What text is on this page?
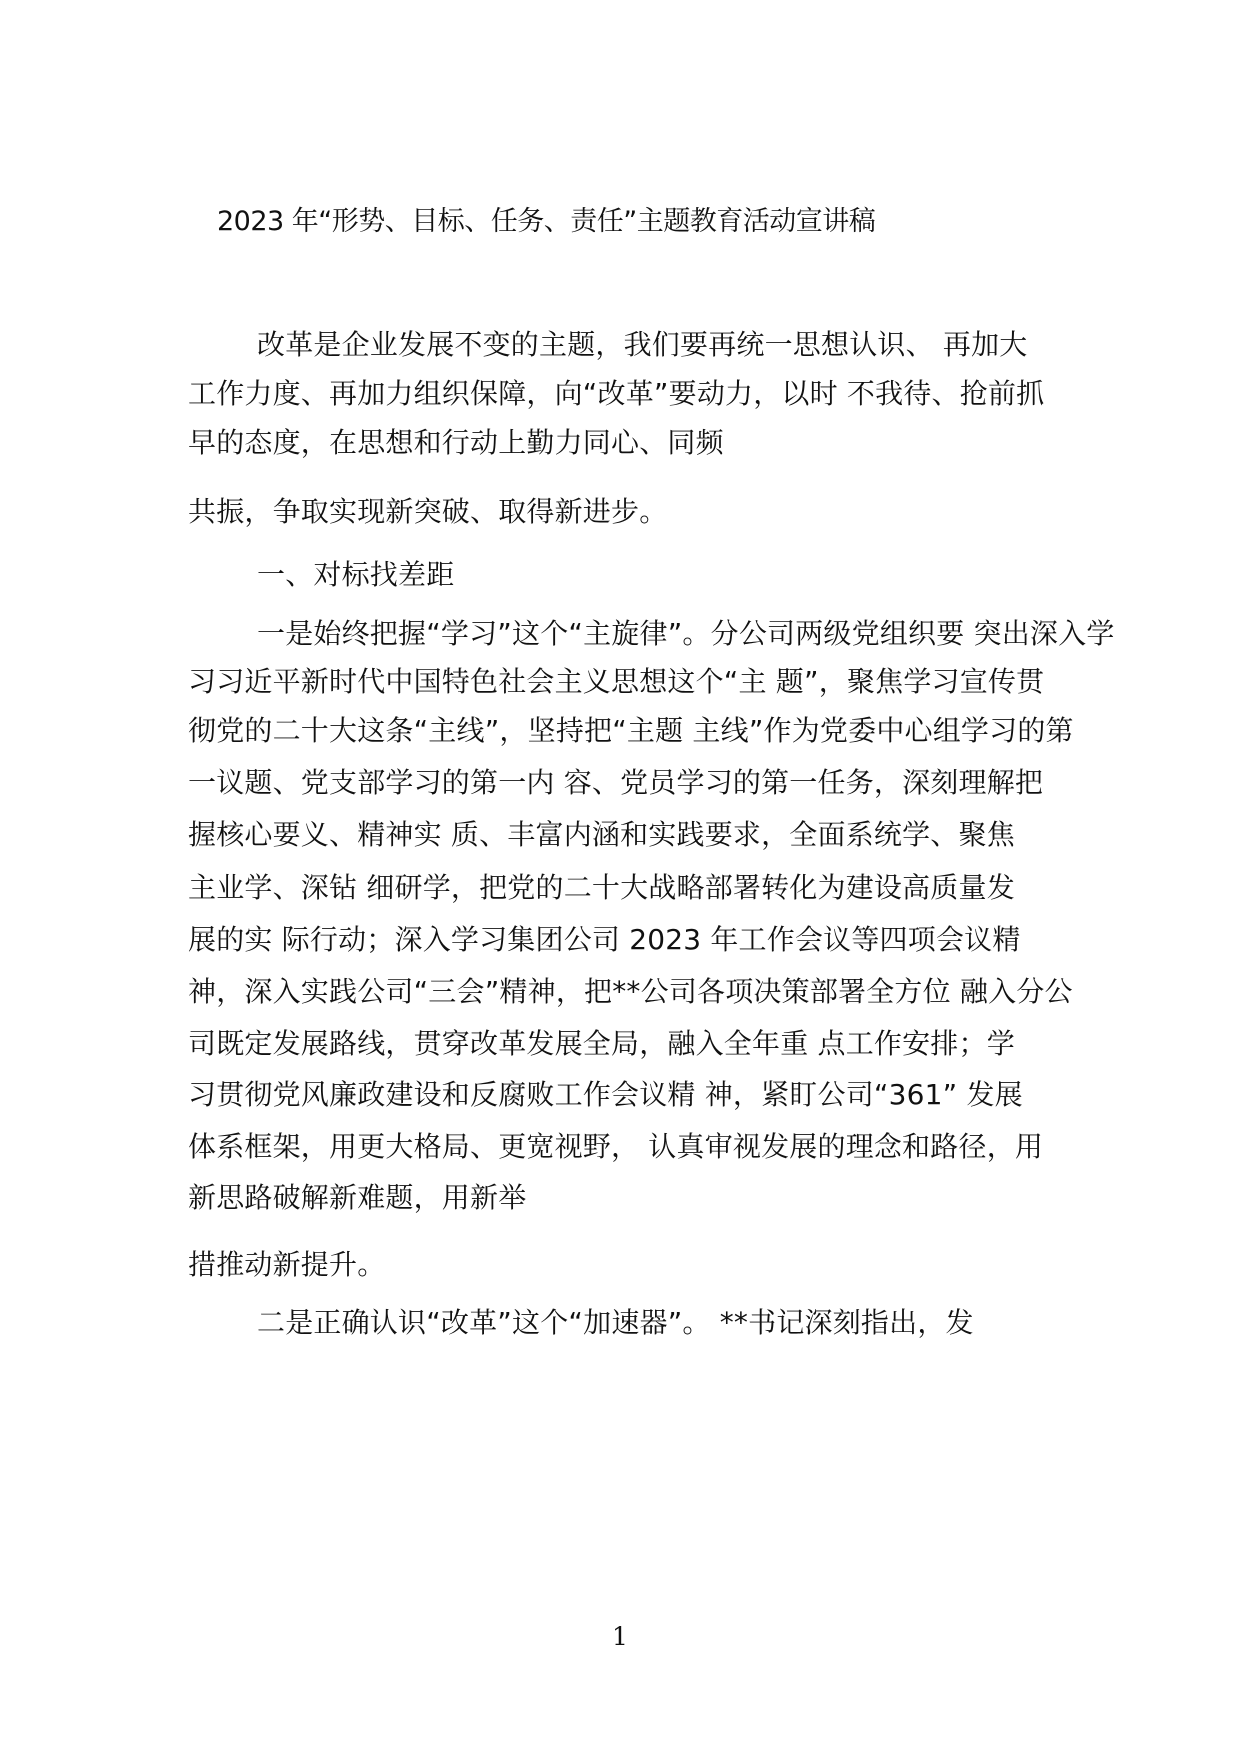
2023 年“形势、目标、任务、责任”主题教育活动宣讲稿
改革是企业发展不变的主题，我们要再统一思想认识、 再加大
工作力度、再加力组织保障，向“改革”要动力，以时 不我待、抢前抓
早的态度，在思想和行动上勤力同心、同频
共振，争取实现新突破、取得新进步。
一、对标找差距
一是始终把握“学习”这个“主旋律”。分公司两级党组织要 突出深入学
习习近平新时代中国特色社会主义思想这个“主 题”，聚焦学习宣传贯
彻党的二十大这条“主线”，坚持把“主题 主线”作为党委中心组学习的第
一议题、党支部学习的第一内 容、党员学习的第一任务，深刻理解把
握核心要义、精神实 质、丰富内涵和实践要求，全面系统学、聚焦
主业学、深钻 细研学，把党的二十大战略部署转化为建设高质量发
展的实 际行动；深入学习集团公司 2023 年工作会议等四项会议精
神，深入实践公司“三会”精神，把**公司各项决策部署全方位 融入分公
司既定发展路线，贯穿改革发展全局，融入全年重 点工作安排；学
习贯彻党风廉政建设和反腐败工作会议精 神，紧盯公司“361” 发展
体系框架，用更大格局、更宽视野， 认真审视发展的理念和路径，用
新思路破解新难题，用新举
措推动新提升。
二是正确认识“改革”这个“加速器”。 **书记深刻指出，发
1
